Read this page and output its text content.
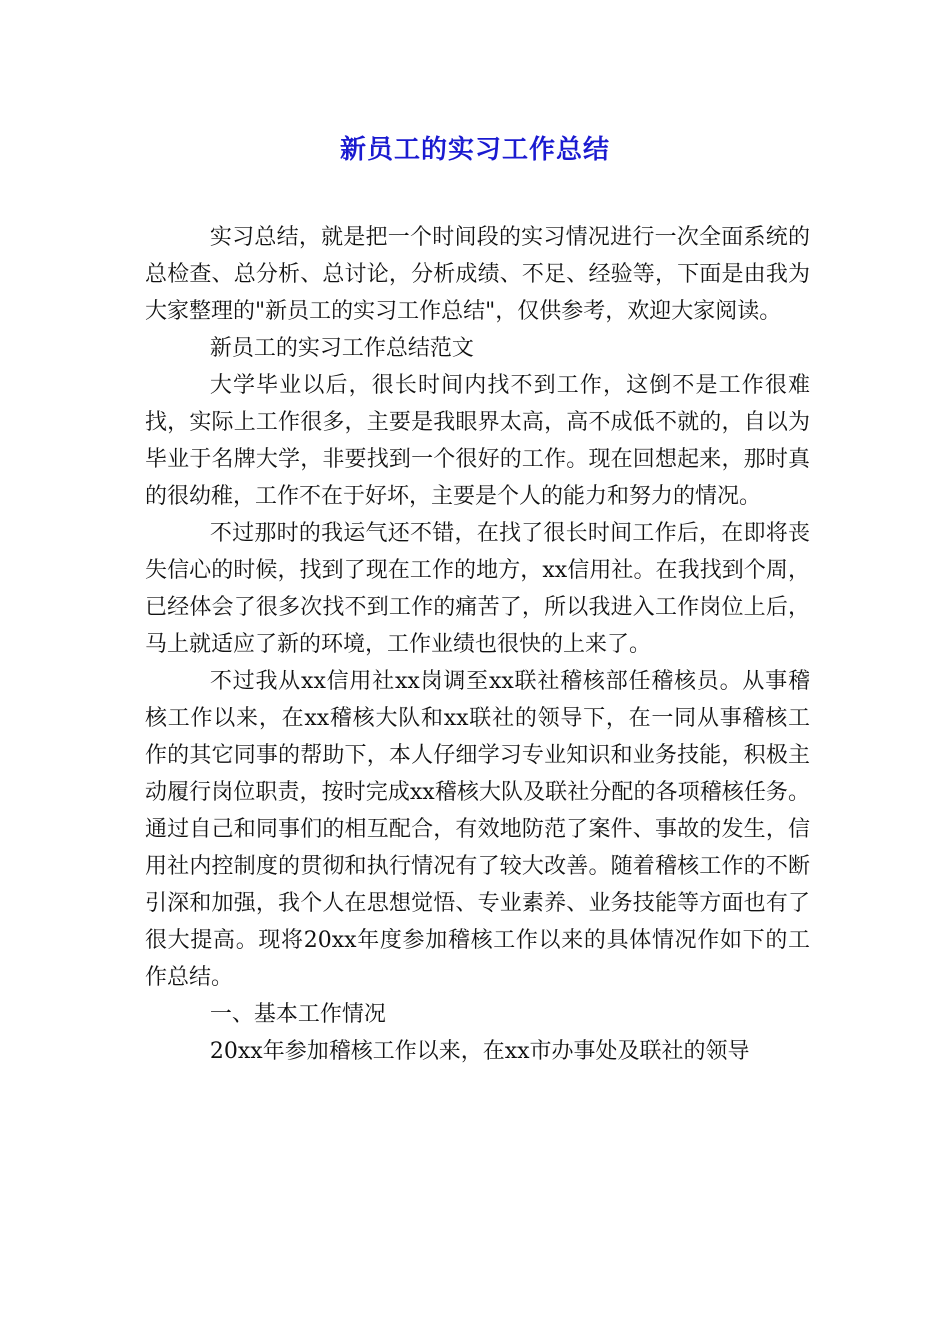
新员工的实习工作总结

实习总结，就是把一个时间段的实习情况进行一次全面系统的总检查、总分析、总讨论，分析成绩、不足、经验等，下面是由我为大家整理的"新员工的实习工作总结"，仅供参考，欢迎大家阅读。

新员工的实习工作总结范文

大学毕业以后，很长时间内找不到工作，这倒不是工作很难找，实际上工作很多，主要是我眼界太高，高不成低不就的，自以为毕业于名牌大学，非要找到一个很好的工作。现在回想起来，那时真的很幼稚，工作不在于好坏，主要是个人的能力和努力的情况。

不过那时的我运气还不错，在找了很长时间工作后，在即将丧失信心的时候，找到了现在工作的地方，xx信用社。在我找到个周，已经体会了很多次找不到工作的痛苦了，所以我进入工作岗位上后，马上就适应了新的环境，工作业绩也很快的上来了。

不过我从xx信用社xx岗调至xx联社稽核部任稽核员。从事稽核工作以来，在xx稽核大队和xx联社的领导下，在一同从事稽核工作的其它同事的帮助下，本人仔细学习专业知识和业务技能，积极主动履行岗位职责，按时完成xx稽核大队及联社分配的各项稽核任务。通过自己和同事们的相互配合，有效地防范了案件、事故的发生，信用社内控制度的贯彻和执行情况有了较大改善。随着稽核工作的不断引深和加强，我个人在思想觉悟、专业素养、业务技能等方面也有了很大提高。现将20xx年度参加稽核工作以来的具体情况作如下的工作总结。

一、基本工作情况

20xx年参加稽核工作以来，在xx市办事处及联社的领导
